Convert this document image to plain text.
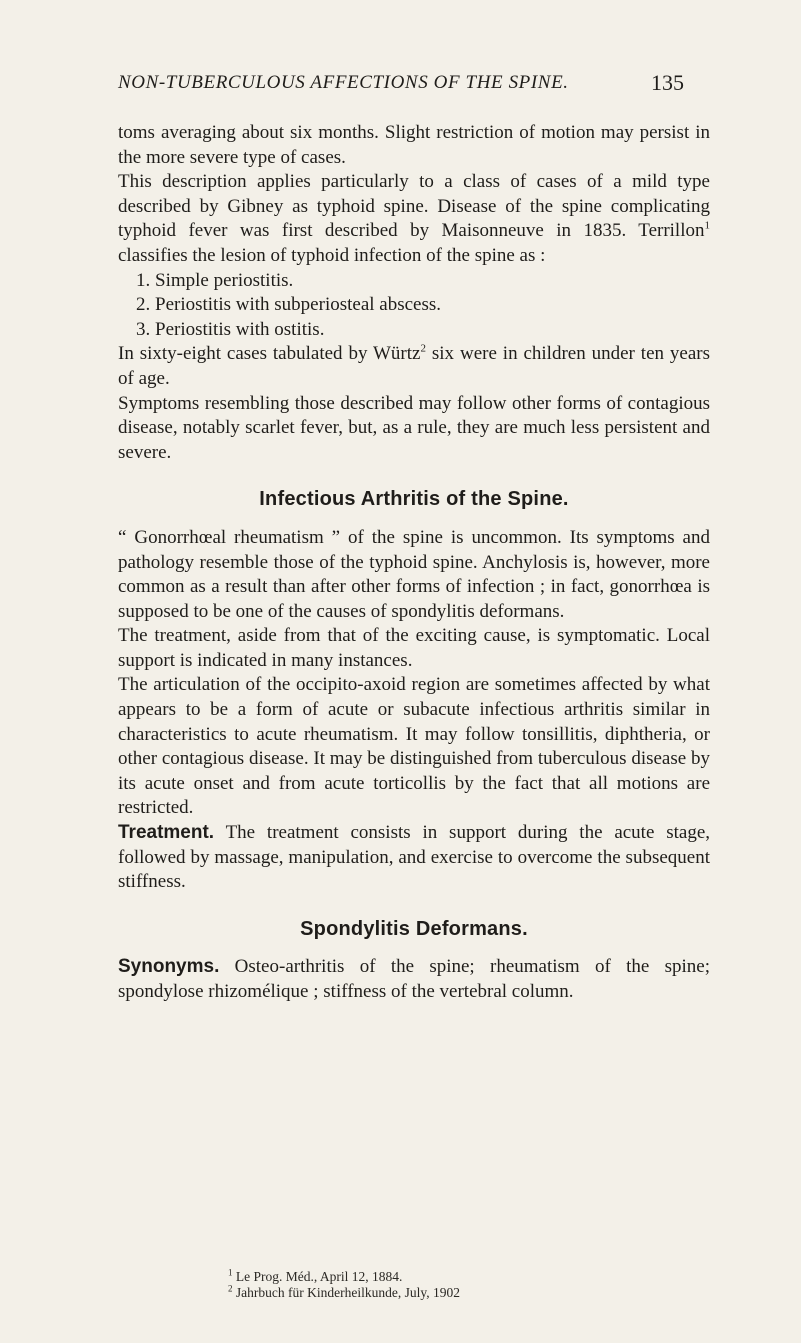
NON-TUBERCULOUS AFFECTIONS OF THE SPINE.	135

toms averaging about six months. Slight restriction of motion may persist in the more severe type of cases.

This description applies particularly to a class of cases of a mild type described by Gibney as typhoid spine. Disease of the spine complicating typhoid fever was first described by Maisonneuve in 1835. Terrillon$^1$ classifies the lesion of typhoid infection of the spine as :

1. Simple periostitis.
2. Periostitis with subperiosteal abscess.
3. Periostitis with ostitis.

In sixty-eight cases tabulated by Würtz$^2$ six were in children under ten years of age.

Symptoms resembling those described may follow other forms of contagious disease, notably scarlet fever, but, as a rule, they are much less persistent and severe.

Infectious Arthritis of the Spine.

“ Gonorrhœal rheumatism ” of the spine is uncommon. Its symptoms and pathology resemble those of the typhoid spine. Anchylosis is, however, more common as a result than after other forms of infection ; in fact, gonorrhœa is supposed to be one of the causes of spondylitis deformans.

The treatment, aside from that of the exciting cause, is symptomatic. Local support is indicated in many instances.

The articulation of the occipito-axoid region are sometimes affected by what appears to be a form of acute or subacute infectious arthritis similar in characteristics to acute rheumatism. It may follow tonsillitis, diphtheria, or other contagious disease. It may be distinguished from tuberculous disease by its acute onset and from acute torticollis by the fact that all motions are restricted.

Treatment. The treatment consists in support during the acute stage, followed by massage, manipulation, and exercise to overcome the subsequent stiffness.

Spondylitis Deformans.

Synonyms. Osteo-arthritis of the spine; rheumatism of the spine; spondylose rhizomélique ; stiffness of the vertebral column.

$^1$ Le Prog. Méd., April 12, 1884.
$^2$ Jahrbuch für Kinderheilkunde, July, 1902
